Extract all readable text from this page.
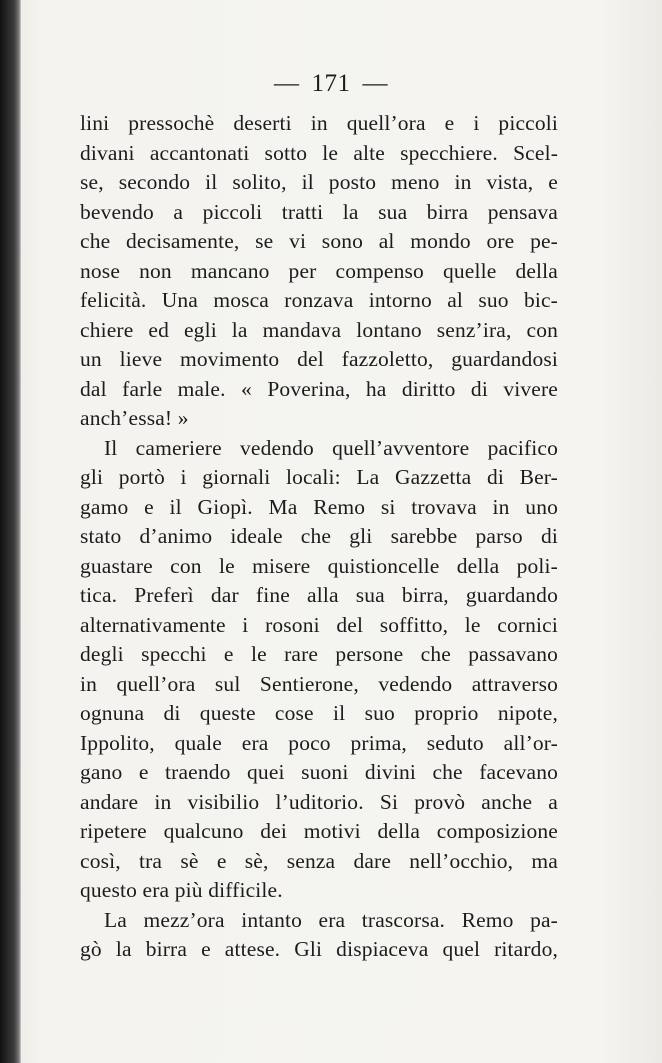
— 171 —
lini pressochè deserti in quell’ora e i piccoli
divani accantonati sotto le alte specchiere. Scel-
se, secondo il solito, il posto meno in vista, e
bevendo a piccoli tratti la sua birra pensava
che decisamente, se vi sono al mondo ore pe-
nose non mancano per compenso quelle della
felicità. Una mosca ronzava intorno al suo bic-
chiere ed egli la mandava lontano senz’ira, con
un lieve movimento del fazzoletto, guardandosi
dal farle male. « Poverina, ha diritto di vivere
anch’essa! »
Il cameriere vedendo quell’avventore pacifico
gli portò i giornali locali: La Gazzetta di Ber-
gamo e il Giopì. Ma Remo si trovava in uno
stato d’animo ideale che gli sarebbe parso di
guastare con le misere quistioncelle della poli-
tica. Preferì dar fine alla sua birra, guardando
alternativamente i rosoni del soffitto, le cornici
degli specchi e le rare persone che passavano
in quell’ora sul Sentierone, vedendo attraverso
ognuna di queste cose il suo proprio nipote,
Ippolito, quale era poco prima, seduto all’or-
gano e traendo quei suoni divini che facevano
andare in visibilio l’uditorio. Si provò anche a
ripetere qualcuno dei motivi della composizione
così, tra sè e sè, senza dare nell’occhio, ma
questo era più difficile.
La mezz’ora intanto era trascorsa. Remo pa-
gò la birra e attese. Gli dispiaceva quel ritardo,
